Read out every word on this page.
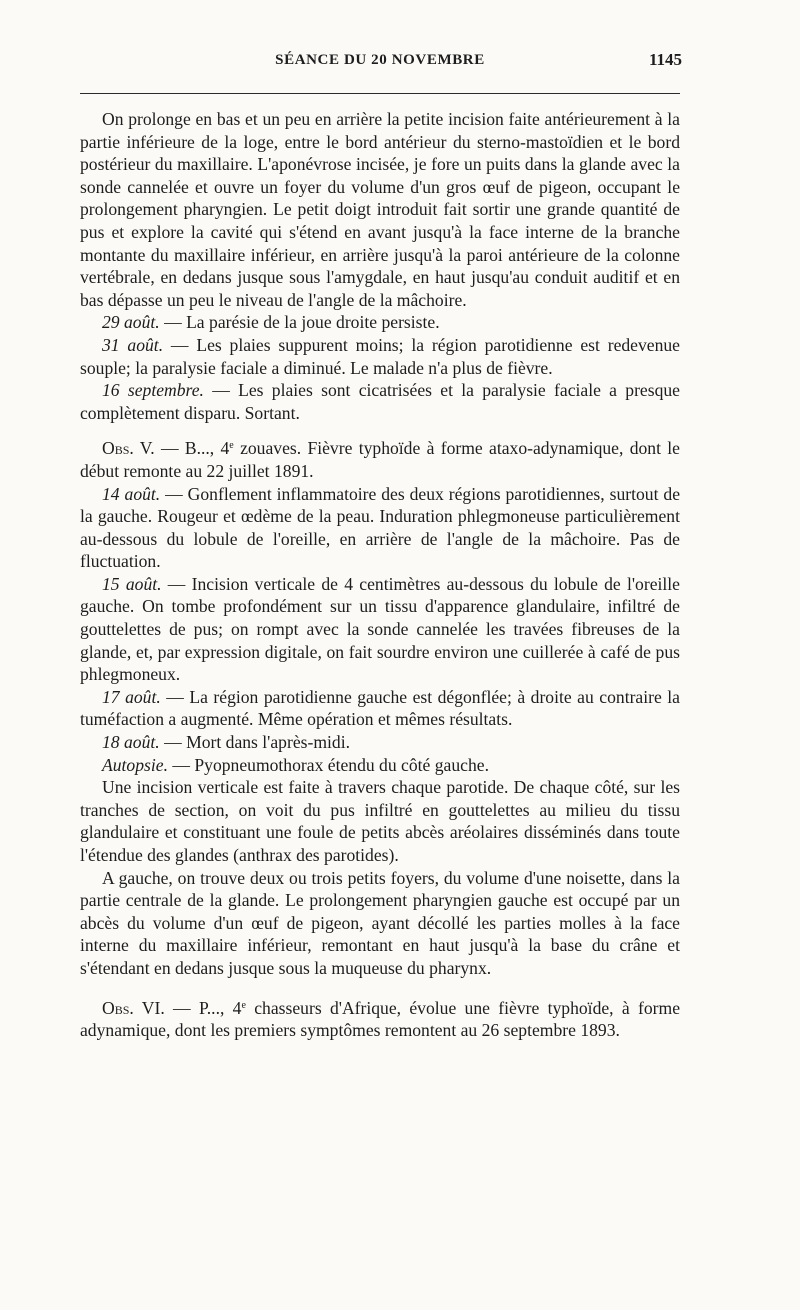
SÉANCE DU 20 NOVEMBRE	1145

On prolonge en bas et un peu en arrière la petite incision faite antérieurement à la partie inférieure de la loge, entre le bord antérieur du sterno-mastoïdien et le bord postérieur du maxillaire. L'aponévrose incisée, je fore un puits dans la glande avec la sonde cannelée et ouvre un foyer du volume d'un gros œuf de pigeon, occupant le prolongement pharyngien. Le petit doigt introduit fait sortir une grande quantité de pus et explore la cavité qui s'étend en avant jusqu'à la face interne de la branche montante du maxillaire inférieur, en arrière jusqu'à la paroi antérieure de la colonne vertébrale, en dedans jusque sous l'amygdale, en haut jusqu'au conduit auditif et en bas dépasse un peu le niveau de l'angle de la mâchoire.

29 août. — La parésie de la joue droite persiste.

31 août. — Les plaies suppurent moins; la région parotidienne est redevenue souple; la paralysie faciale a diminué. Le malade n'a plus de fièvre.

16 septembre. — Les plaies sont cicatrisées et la paralysie faciale a presque complètement disparu. Sortant.

Obs. V. — B..., 4e zouaves. Fièvre typhoïde à forme ataxo-adynamique, dont le début remonte au 22 juillet 1891.

14 août. — Gonflement inflammatoire des deux régions parotidiennes, surtout de la gauche. Rougeur et œdème de la peau. Induration phlegmoneuse particulièrement au-dessous du lobule de l'oreille, en arrière de l'angle de la mâchoire. Pas de fluctuation.

15 août. — Incision verticale de 4 centimètres au-dessous du lobule de l'oreille gauche. On tombe profondément sur un tissu d'apparence glandulaire, infiltré de gouttelettes de pus; on rompt avec la sonde cannelée les travées fibreuses de la glande, et, par expression digitale, on fait sourdre environ une cuillerée à café de pus phlegmoneux.

17 août. — La région parotidienne gauche est dégonflée; à droite au contraire la tuméfaction a augmenté. Même opération et mêmes résultats.

18 août. — Mort dans l'après-midi.

Autopsie. — Pyopneumothorax étendu du côté gauche.

Une incision verticale est faite à travers chaque parotide. De chaque côté, sur les tranches de section, on voit du pus infiltré en gouttelettes au milieu du tissu glandulaire et constituant une foule de petits abcès aréolaires disséminés dans toute l'étendue des glandes (anthrax des parotides).

A gauche, on trouve deux ou trois petits foyers, du volume d'une noisette, dans la partie centrale de la glande. Le prolongement pharyngien gauche est occupé par un abcès du volume d'un œuf de pigeon, ayant décollé les parties molles à la face interne du maxillaire inférieur, remontant en haut jusqu'à la base du crâne et s'étendant en dedans jusque sous la muqueuse du pharynx.

Obs. VI. — P..., 4e chasseurs d'Afrique, évolue une fièvre typhoïde, à forme adynamique, dont les premiers symptômes remontent au 26 septembre 1893.
